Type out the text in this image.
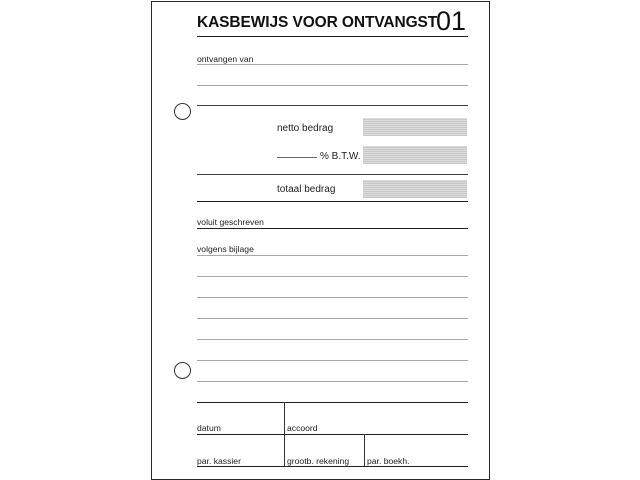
KASBEWIJS VOOR ONTVANGST
01
ontvangen van
netto bedrag
% B.T.W.
totaal bedrag
voluit geschreven
volgens bijlage
datum	accoord
par. kassier	grootb. rekening par. boekh.
